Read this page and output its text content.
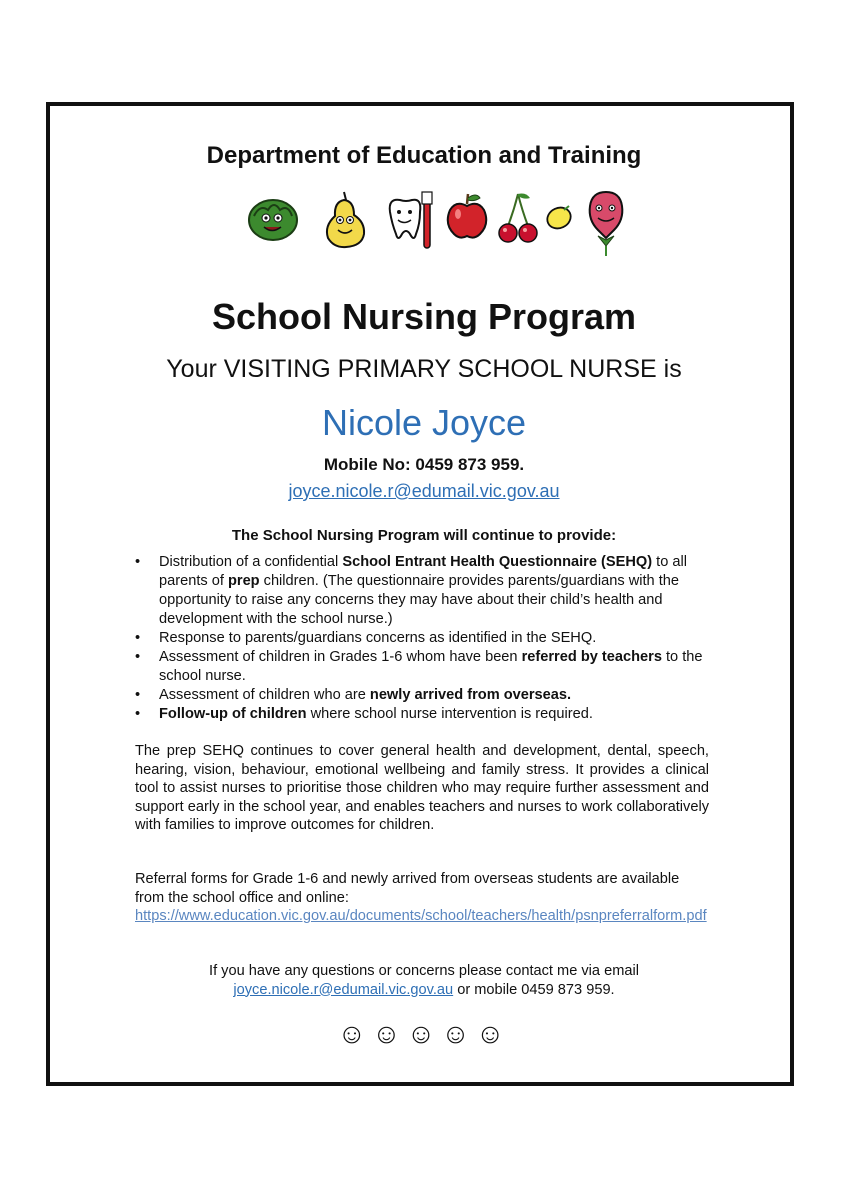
Department of Education and Training
School Nursing Program
Your VISITING PRIMARY SCHOOL NURSE is
Nicole Joyce
Mobile No: 0459 873 959.
joyce.nicole.r@edumail.vic.gov.au
The School Nursing Program will continue to provide:
• Distribution of a confidential School Entrant Health Questionnaire (SEHQ) to all parents of prep children. (The questionnaire provides parents/guardians with the opportunity to raise any concerns they may have about their child’s health and development with the school nurse.)
• Response to parents/guardians concerns as identified in the SEHQ.
• Assessment of children in Grades 1-6 whom have been referred by teachers to the school nurse.
• Assessment of children who are newly arrived from overseas.
• Follow-up of children where school nurse intervention is required.

The prep SEHQ continues to cover general health and development, dental, speech, hearing, vision, behaviour, emotional wellbeing and family stress. It provides a clinical tool to assist nurses to prioritise those children who may require further assessment and support early in the school year, and enables teachers and nurses to work collaboratively with families to improve outcomes for children.

Referral forms for Grade 1-6 and newly arrived from overseas students are available from the school office and online:
https://www.education.vic.gov.au/documents/school/teachers/health/psnpreferralform.pdf

If you have any questions or concerns please contact me via email
joyce.nicole.r@edumail.vic.gov.au or mobile 0459 873 959.

☺☺☺☺☺
